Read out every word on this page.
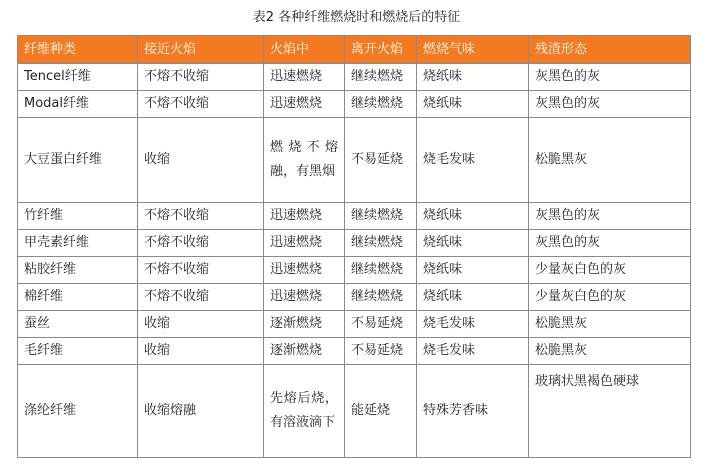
表2 各种纤维燃烧时和燃烧后的特征
纤维种类	接近火焰	火焰中	离开火焰	燃烧气味	残渣形态
Tencel纤维	不熔不收缩	迅速燃烧	继续燃烧	烧纸味	灰黑色的灰
Modal纤维	不熔不收缩	迅速燃烧	继续燃烧	烧纸味	灰黑色的灰
大豆蛋白纤维	收缩	燃烧不熔融，有黑烟	不易延烧	烧毛发味	松脆黑灰
竹纤维	不熔不收缩	迅速燃烧	继续燃烧	烧纸味	灰黑色的灰
甲壳素纤维	不熔不收缩	迅速燃烧	继续燃烧	烧纸味	灰黑色的灰
粘胶纤维	不熔不收缩	迅速燃烧	继续燃烧	烧纸味	少量灰白色的灰
棉纤维	不熔不收缩	迅速燃烧	继续燃烧	烧纸味	少量灰白色的灰
蚕丝	收缩	逐渐燃烧	不易延烧	烧毛发味	松脆黑灰
毛纤维	收缩	逐渐燃烧	不易延烧	烧毛发味	松脆黑灰
涤纶纤维	收缩熔融	先熔后烧，有溶液滴下	能延烧	特殊芳香味	玻璃状黑褐色硬球
